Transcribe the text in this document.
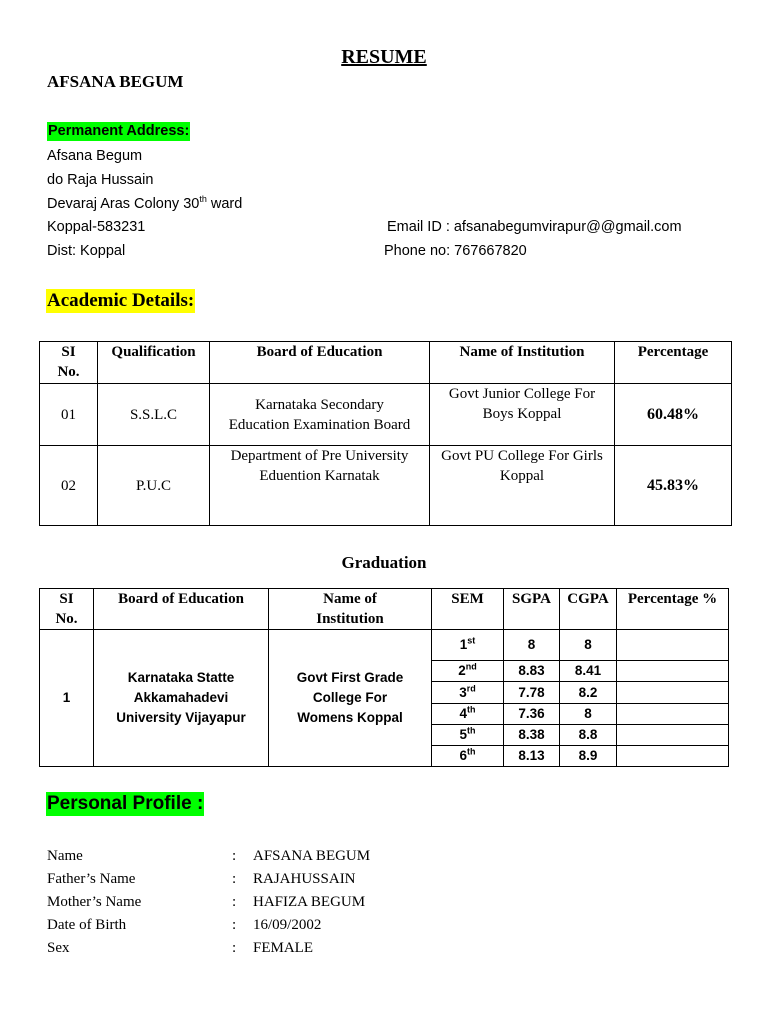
RESUME
AFSANA BEGUM
Permanent Address:
Afsana Begum
do Raja Hussain
Devaraj Aras Colony 30th ward
Koppal-583231
Dist: Koppal
Email ID : afsanabegumvirapur@@gmail.com
Phone no: 767667820
Academic Details:
SI No.	Qualification	Board of Education	Name of Institution	Percentage
01	S.S.L.C	Karnataka Secondary Education Examination Board	Govt Junior College For Boys Koppal	60.48%
02	P.U.C	Department of Pre University Eduention Karnatak	Govt PU College For Girls Koppal	45.83%
Graduation
SI No.	Board of Education	Name of Institution	SEM	SGPA	CGPA	Percentage %
1	Karnataka Statte Akkamahadevi University Vijayapur	Govt First Grade College For Womens Koppal	1st	8	8	
			2nd	8.83	8.41	
			3rd	7.78	8.2	
			4th	7.36	8	
			5th	8.38	8.8	
			6th	8.13	8.9	
Personal Profile :
Name	: AFSANA BEGUM
Father’s Name	: RAJAHUSSAIN
Mother’s Name	: HAFIZA BEGUM
Date of Birth	: 16/09/2002
Sex	: FEMALE
